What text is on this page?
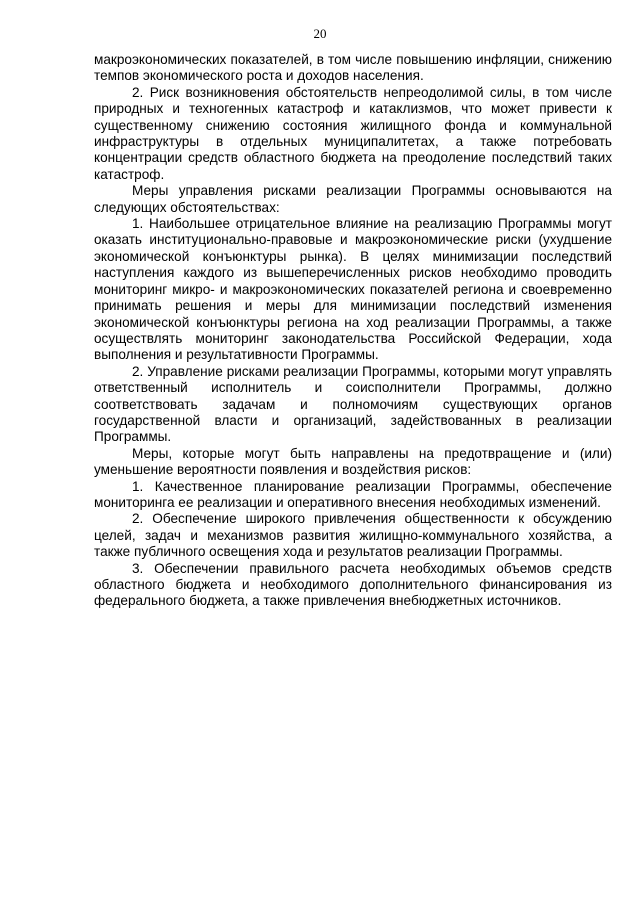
20

макроэкономических показателей, в том числе повышению инфляции, снижению темпов экономического роста и доходов населения.

2. Риск возникновения обстоятельств непреодолимой силы, в том числе природных и техногенных катастроф и катаклизмов, что может привести к существенному снижению состояния жилищного фонда и коммунальной инфраструктуры в отдельных муниципалитетах, а также потребовать концентрации средств областного бюджета на преодоление последствий таких катастроф.

Меры управления рисками реализации Программы основываются на следующих обстоятельствах:

1. Наибольшее отрицательное влияние на реализацию Программы могут оказать институционально-правовые и макроэкономические риски (ухудшение экономической конъюнктуры рынка). В целях минимизации последствий наступления каждого из вышеперечисленных рисков необходимо проводить мониторинг микро- и макроэкономических показателей региона и своевременно принимать решения и меры для минимизации последствий изменения экономической конъюнктуры региона на ход реализации Программы, а также осуществлять мониторинг законодательства Российской Федерации, хода выполнения и результативности Программы.

2. Управление рисками реализации Программы, которыми могут управлять ответственный исполнитель и соисполнители Программы, должно соответствовать задачам и полномочиям существующих органов государственной власти и организаций, задействованных в реализации Программы.

Меры, которые могут быть направлены на предотвращение и (или) уменьшение вероятности появления и воздействия рисков:

1. Качественное планирование реализации Программы, обеспечение мониторинга ее реализации и оперативного внесения необходимых изменений.

2. Обеспечение широкого привлечения общественности к обсуждению целей, задач и механизмов развития жилищно-коммунального хозяйства, а также публичного освещения хода и результатов реализации Программы.

3. Обеспечении правильного расчета необходимых объемов средств областного бюджета и необходимого дополнительного финансирования из федерального бюджета, а также привлечения внебюджетных источников.
